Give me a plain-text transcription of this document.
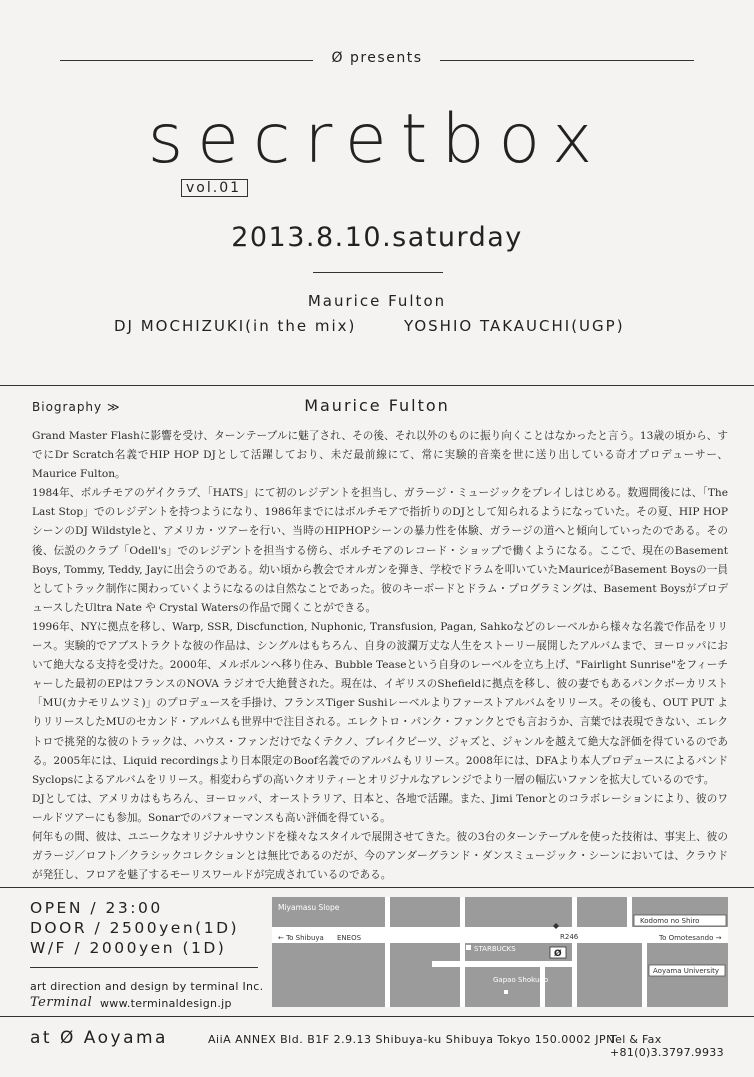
Ø presents
secretbox
vol.01
2013.8.10.saturday
Maurice Fulton
DJ MOCHIZUKI(in the mix)	YOSHIO TAKAUCHI(UGP)
Biography ≫	Maurice Fulton

Grand Master Flashに影響を受け、ターンテーブルに魅了され、その後、それ以外のものに振り向くことはなかったと言う。13歳の頃から、すでにDr Scratch名義でHIP HOP DJとして活躍しており、未だ最前線にて、常に実験的音楽を世に送り出している奇才プロデューサー、Maurice Fulton。

1984年、ボルチモアのゲイクラブ、「HATS」にて初のレジデントを担当し、ガラージ・ミュージックをプレイしはじめる。数週間後には、「The Last Stop」でのレジデントを持つようになり、1986年までにはボルチモアで指折りのDJとして知られるようになっていた。その夏、HIP HOPシーンのDJ Wildstyleと、アメリカ・ツアーを行い、当時のHIPHOPシーンの暴力性を体験、ガラージの道へと傾向していったのである。その後、伝説のクラブ「Odell's」でのレジデントを担当する傍ら、ボルチモアのレコード・ショップで働くようになる。ここで、現在のBasement Boys, Tommy, Teddy, Jayに出会うのである。幼い頃から教会でオルガンを弾き、学校でドラムを叩いていたMauriceがBasement Boysの一員としてトラック制作に関わっていくようになるのは自然なことであった。彼のキーボードとドラム・プログラミングは、Basement BoysがプロデュースしたUltra Nate や Crystal Watersの作品で聞くことができる。

1996年、NYに拠点を移し、Warp, SSR, Discfunction, Nuphonic, Transfusion, Pagan, Sahkoなどのレーベルから様々な名義で作品をリリース。実験的でアブストラクトな彼の作品は、シングルはもちろん、自身の波瀾万丈な人生をストーリー展開したアルバムまで、ヨーロッパにおいて絶大なる支持を受けた。2000年、メルボルンへ移り住み、Bubble Teaseという自身のレーベルを立ち上げ、"Fairlight Sunrise"をフィーチャーした最初のEPはフランスのNOVA ラジオで大絶賛された。現在は、イギリスのShefieldに拠点を移し、彼の妻でもあるパンクボーカリスト「MU(カナモリムツミ)」のプロデュースを手掛け、フランスTiger Sushiレーベルよりファーストアルバムをリリース。その後も、OUT PUT よりリリースしたMUのセカンド・アルバムも世界中で注目される。エレクトロ・パンク・ファンクとでも言おうか、言葉では表現できない、エレクトロで挑発的な彼のトラックは、ハウス・ファンだけでなくテクノ、ブレイクビーツ、ジャズと、ジャンルを越えて絶大な評価を得ているのである。2005年には、Liquid recordingsより日本限定のBoof名義でのアルバムもリリース。2008年には、DFAより本人プロデュースによるバンドSyclopsによるアルバムをリリース。相変わらずの高いクオリティーとオリジナルなアレンジでより一層の幅広いファンを拡大しているのです。

DJとしては、アメリカはもちろん、ヨーロッパ、オーストラリア、日本と、各地で活躍。また、Jimi Tenorとのコラボレーションにより、彼のワールドツアーにも参加。Sonarでのパフォーマンスも高い評価を得ている。

何年もの間、彼は、ユニークなオリジナルサウンドを様々なスタイルで展開させてきた。彼の3台のターンテーブルを使った技術は、事実上、彼のガラージ／ロフト／クラシックコレクションとは無比であるのだが、今のアンダーグランド・ダンスミュージック・シーンにおいては、クラウドが発狂し、フロアを魅了するモーリスワールドが完成されているのである。

OPEN / 23:00
DOOR / 2500yen(1D)
W/F / 2000yen (1D)
art direction and design by terminal Inc.
Terminal www.terminaldesign.jp
Miyamasu Slope
← To Shibuya ENEOS
STARBUCKS
Gapao Shokudo
R246
Ø
Kodomo no Shiro
To Omotesando →
Aoyama University
at Ø Aoyama	AiiA ANNEX Bld. B1F 2.9.13 Shibuya-ku Shibuya Tokyo 150.0002 JPN
Tel & Fax +81(0)3.3797.9933
